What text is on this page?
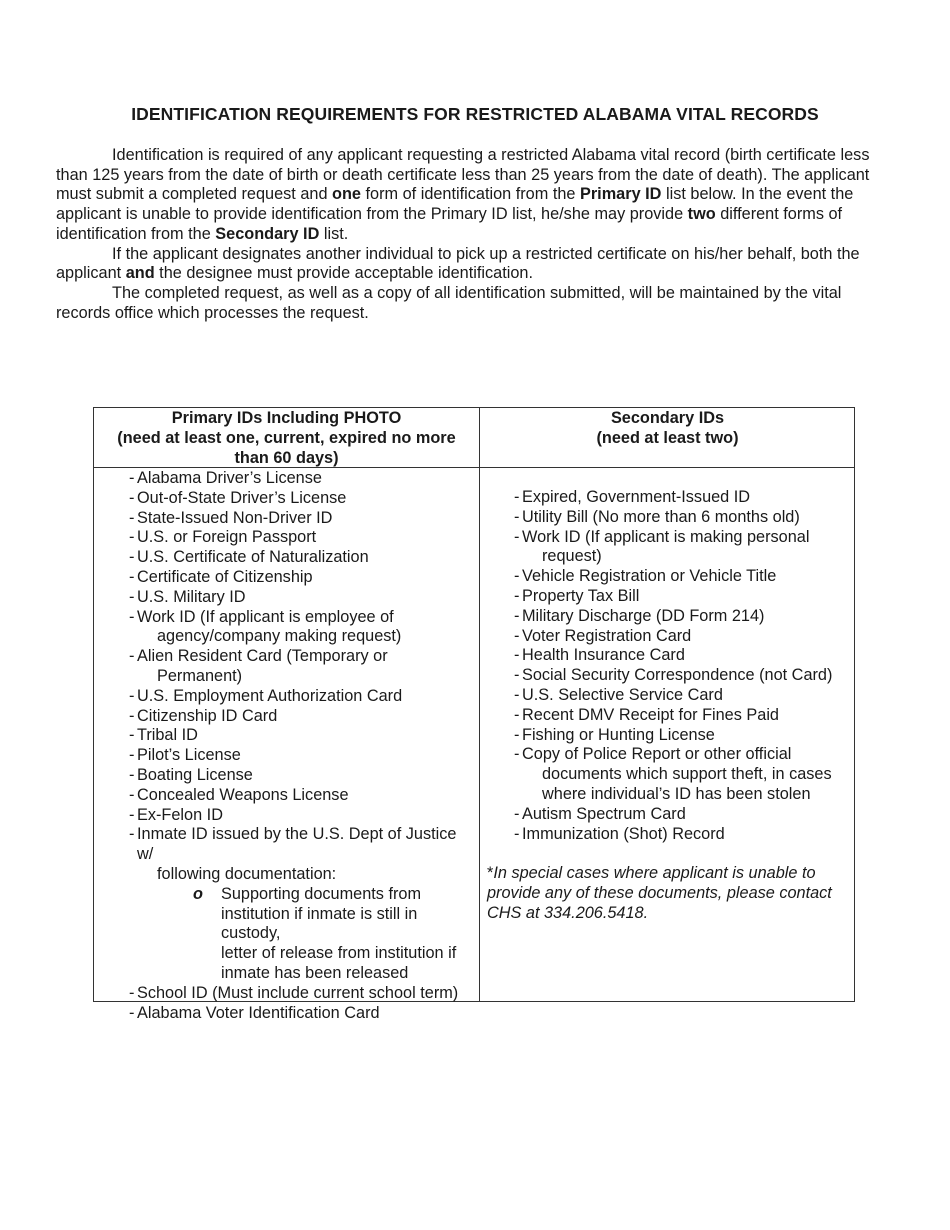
IDENTIFICATION REQUIREMENTS FOR RESTRICTED ALABAMA VITAL RECORDS

Identification is required of any applicant requesting a restricted Alabama vital record (birth certificate less than 125 years from the date of birth or death certificate less than 25 years from the date of death). The applicant must submit a completed request and one form of identification from the Primary ID list below. In the event the applicant is unable to provide identification from the Primary ID list, he/she may provide two different forms of identification from the Secondary ID list.

If the applicant designates another individual to pick up a restricted certificate on his/her behalf, both the applicant and the designee must provide acceptable identification.

The completed request, as well as a copy of all identification submitted, will be maintained by the vital records office which processes the request.

Primary IDs Including PHOTO
(need at least one, current, expired no more
than 60 days)
Secondary IDs
(need at least two)
- Alabama Driver’s License
- Out-of-State Driver’s License
- State-Issued Non-Driver ID
- U.S. or Foreign Passport
- U.S. Certificate of Naturalization
- Certificate of Citizenship
- U.S. Military ID
- Work ID (If applicant is employee of
agency/company making request)
- Alien Resident Card (Temporary or
Permanent)
- U.S. Employment Authorization Card
- Citizenship ID Card
- Tribal ID
- Pilot’s License
- Boating License
- Concealed Weapons License
- Ex-Felon ID
- Inmate ID issued by the U.S. Dept of Justice w/
following documentation:
o Supporting documents from
institution if inmate is still in custody,
letter of release from institution if
inmate has been released
- School ID (Must include current school term)
- Alabama Voter Identification Card
- Expired, Government-Issued ID
- Utility Bill (No more than 6 months old)
- Work ID (If applicant is making personal
request)
- Vehicle Registration or Vehicle Title
- Property Tax Bill
- Military Discharge (DD Form 214)
- Voter Registration Card
- Health Insurance Card
- Social Security Correspondence (not Card)
- U.S. Selective Service Card
- Recent DMV Receipt for Fines Paid
- Fishing or Hunting License
- Copy of Police Report or other official
documents which support theft, in cases
where individual’s ID has been stolen
- Autism Spectrum Card
- Immunization (Shot) Record
*In special cases where applicant is unable to provide any of these documents, please contact CHS at 334.206.5418.
